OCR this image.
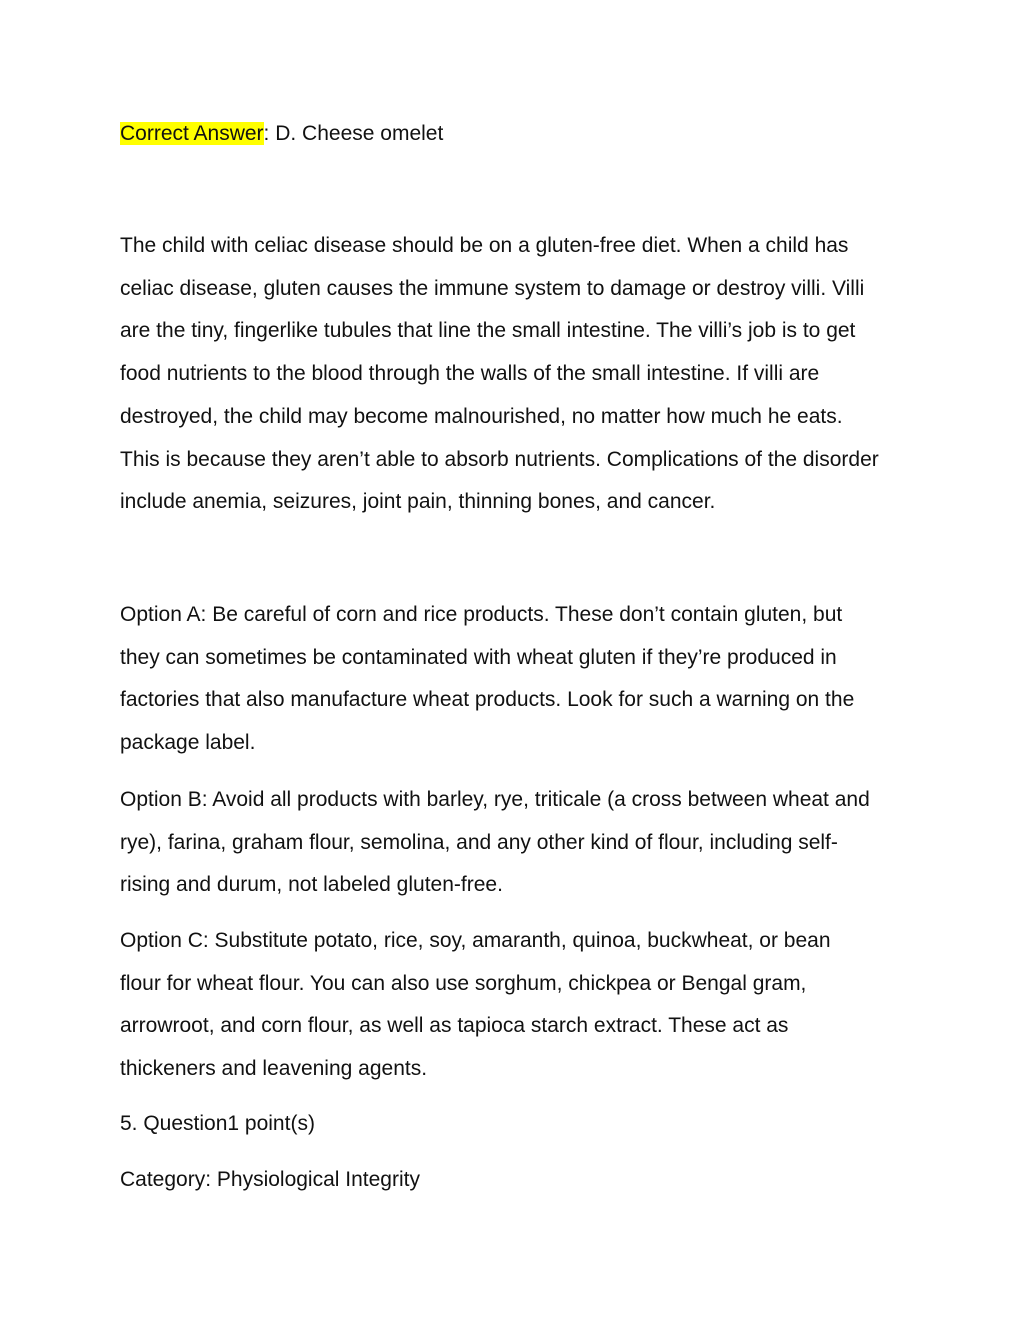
Correct Answer: D. Cheese omelet

The child with celiac disease should be on a gluten-free diet. When a child has
celiac disease, gluten causes the immune system to damage or destroy villi. Villi
are the tiny, fingerlike tubules that line the small intestine. The villi’s job is to get
food nutrients to the blood through the walls of the small intestine. If villi are
destroyed, the child may become malnourished, no matter how much he eats.
This is because they aren’t able to absorb nutrients. Complications of the disorder
include anemia, seizures, joint pain, thinning bones, and cancer.

Option A: Be careful of corn and rice products. These don’t contain gluten, but
they can sometimes be contaminated with wheat gluten if they’re produced in
factories that also manufacture wheat products. Look for such a warning on the
package label.

Option B: Avoid all products with barley, rye, triticale (a cross between wheat and
rye), farina, graham flour, semolina, and any other kind of flour, including self-
rising and durum, not labeled gluten-free.

Option C: Substitute potato, rice, soy, amaranth, quinoa, buckwheat, or bean
flour for wheat flour. You can also use sorghum, chickpea or Bengal gram,
arrowroot, and corn flour, as well as tapioca starch extract. These act as
thickeners and leavening agents.

5. Question1 point(s)

Category: Physiological Integrity
